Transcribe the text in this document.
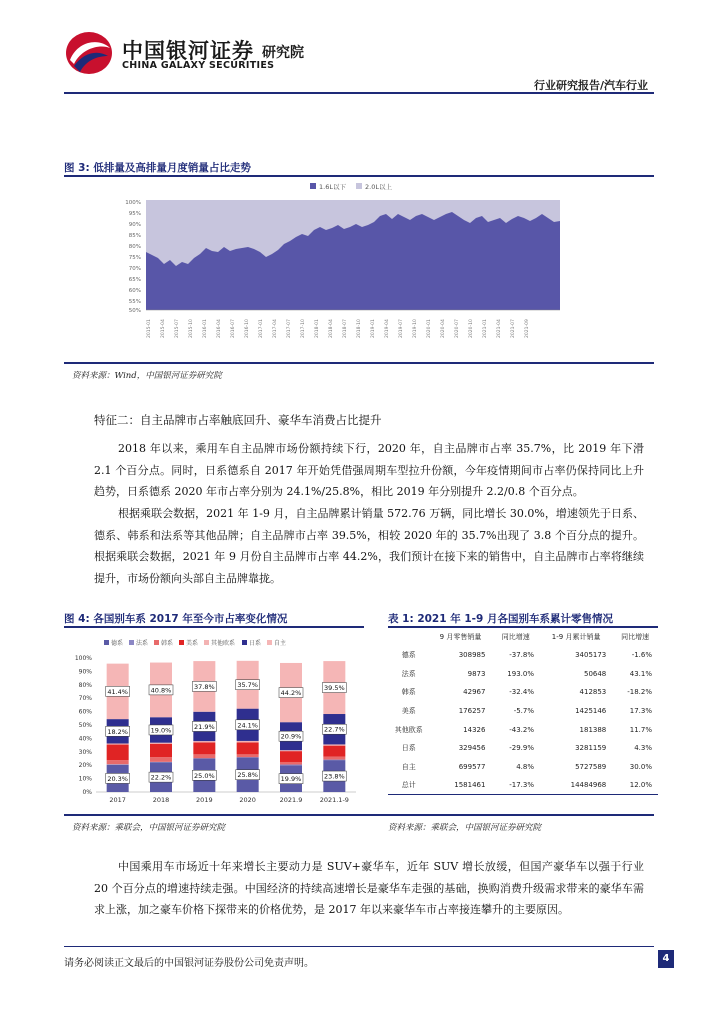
中国银河证券
CHINA GALAXY SECURITIES
研究院
行业研究报告/汽车行业
图 3: 低排量及高排量月度销量占比走势
1.6L以下	2.0L以上
100%
95%
90%
85%
80%
75%
70%
65%
60%
55%
50%
2015-01 2015-04 2015-07 2015-10 2016-01 2016-04 2016-07 2016-10 2017-01 2017-04 2017-07 2017-10 2018-01 2018-04 2018-07 2018-10 2019-01 2019-04 2019-07 2019-10 2020-01 2020-04 2020-07 2020-10 2021-01 2021-04 2021-07 2021-09
资料来源：Wind，中国银河证券研究院
特征二：自主品牌市占率触底回升、豪华车消费占比提升
2018 年以来，乘用车自主品牌市场份额持续下行，2020 年，自主品牌市占率 35.7%，比 2019 年下滑 2.1 个百分点。同时，日系德系自 2017 年开始凭借强周期车型拉升份额，今年疫情期间市占率仍保持同比上升趋势，日系德系 2020 年市占率分别为 24.1%/25.8%，相比 2019 年分别提升 2.2/0.8 个百分点。
根据乘联会数据，2021 年 1-9 月，自主品牌累计销量 572.76 万辆，同比增长 30.0%，增速领先于日系、德系、韩系和法系等其他品牌；自主品牌市占率 39.5%，相较 2020 年的 35.7%出现了 3.8 个百分点的提升。根据乘联会数据，2021 年 9 月份自主品牌市占率 44.2%，我们预计在接下来的销售中，自主品牌市占率将继续提升，市场份额向头部自主品牌靠拢。
图 4: 各国别车系 2017 年至今市占率变化情况
德系 法系 韩系 美系 其他欧系 日系 自主
0%
10%
20%
30%
40%
50%
60%
70%
80%
90%
100%
20.3%
18.2%
41.4%
22.2%
19.0%
40.8%
25.0%
21.9%
37.8%
25.8%
24.1%
35.7%
19.9%
20.9%
44.2%
23.8%
22.7%
39.5%
2017	2018	2019	2020	2021.9	2021.1-9
资料来源：乘联会，中国银河证券研究院
表 1: 2021 年 1-9 月各国别车系累计零售情况
	9 月零售销量	同比增速	1-9 月累计销量	同比增速
德系	308985	-37.8%	3405173	-1.6%
法系	9873	193.0%	50648	43.1%
韩系	42967	-32.4%	412853	-18.2%
美系	176257	-5.7%	1425146	17.3%
其他欧系	14326	-43.2%	181388	11.7%
日系	329456	-29.9%	3281159	4.3%
自主	699577	4.8%	5727589	30.0%
总计	1581461	-17.3%	14484968	12.0%
资料来源：乘联会，中国银河证券研究院
中国乘用车市场近十年来增长主要动力是 SUV+豪华车，近年 SUV 增长放缓，但国产豪华车以强于行业 20 个百分点的增速持续走强。中国经济的持续高速增长是豪华车走强的基础，换购消费升级需求带来的豪华车需求上涨，加之豪车价格下探带来的价格优势，是 2017 年以来豪华车市占率接连攀升的主要原因。
请务必阅读正文最后的中国银河证券股份公司免责声明。	4
